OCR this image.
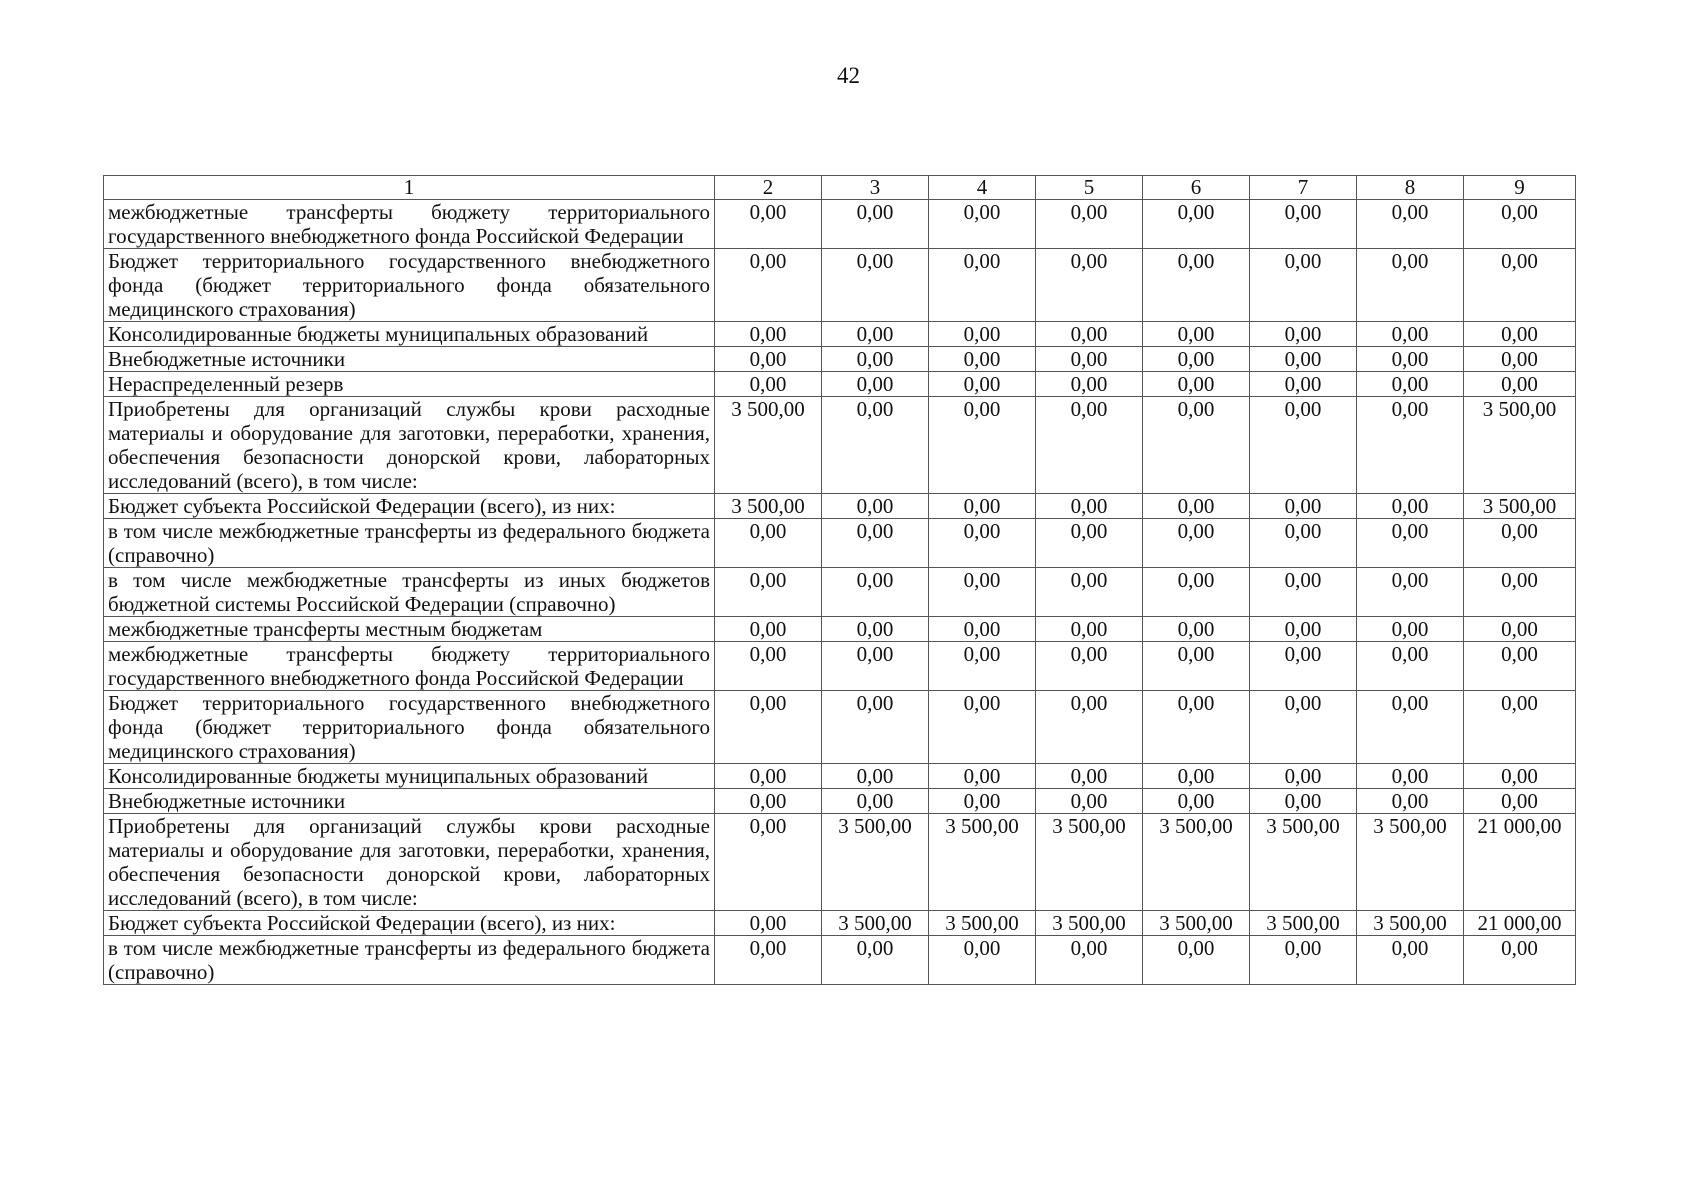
42
1	2	3	4	5	6	7	8	9
межбюджетные трансферты бюджету территориального государственного внебюджетного фонда Российской Федерации	0,00	0,00	0,00	0,00	0,00	0,00	0,00	0,00
Бюджет территориального государственного внебюджетного фонда (бюджет территориального фонда обязательного медицинского страхования)	0,00	0,00	0,00	0,00	0,00	0,00	0,00	0,00
Консолидированные бюджеты муниципальных образований	0,00	0,00	0,00	0,00	0,00	0,00	0,00	0,00
Внебюджетные источники	0,00	0,00	0,00	0,00	0,00	0,00	0,00	0,00
Нераспределенный резерв	0,00	0,00	0,00	0,00	0,00	0,00	0,00	0,00
Приобретены для организаций службы крови расходные материалы и оборудование для заготовки, переработки, хранения, обеспечения безопасности донорской крови, лабораторных исследований (всего), в том числе:	3 500,00	0,00	0,00	0,00	0,00	0,00	0,00	3 500,00
Бюджет субъекта Российской Федерации (всего), из них:	3 500,00	0,00	0,00	0,00	0,00	0,00	0,00	3 500,00
в том числе межбюджетные трансферты из федерального бюджета (справочно)	0,00	0,00	0,00	0,00	0,00	0,00	0,00	0,00
в том числе межбюджетные трансферты из иных бюджетов бюджетной системы Российской Федерации (справочно)	0,00	0,00	0,00	0,00	0,00	0,00	0,00	0,00
межбюджетные трансферты местным бюджетам	0,00	0,00	0,00	0,00	0,00	0,00	0,00	0,00
межбюджетные трансферты бюджету территориального государственного внебюджетного фонда Российской Федерации	0,00	0,00	0,00	0,00	0,00	0,00	0,00	0,00
Бюджет территориального государственного внебюджетного фонда (бюджет территориального фонда обязательного медицинского страхования)	0,00	0,00	0,00	0,00	0,00	0,00	0,00	0,00
Консолидированные бюджеты муниципальных образований	0,00	0,00	0,00	0,00	0,00	0,00	0,00	0,00
Внебюджетные источники	0,00	0,00	0,00	0,00	0,00	0,00	0,00	0,00
Приобретены для организаций службы крови расходные материалы и оборудование для заготовки, переработки, хранения, обеспечения безопасности донорской крови, лабораторных исследований (всего), в том числе:	0,00	3 500,00	3 500,00	3 500,00	3 500,00	3 500,00	3 500,00	21 000,00
Бюджет субъекта Российской Федерации (всего), из них:	0,00	3 500,00	3 500,00	3 500,00	3 500,00	3 500,00	3 500,00	21 000,00
в том числе межбюджетные трансферты из федерального бюджета (справочно)	0,00	0,00	0,00	0,00	0,00	0,00	0,00	0,00
